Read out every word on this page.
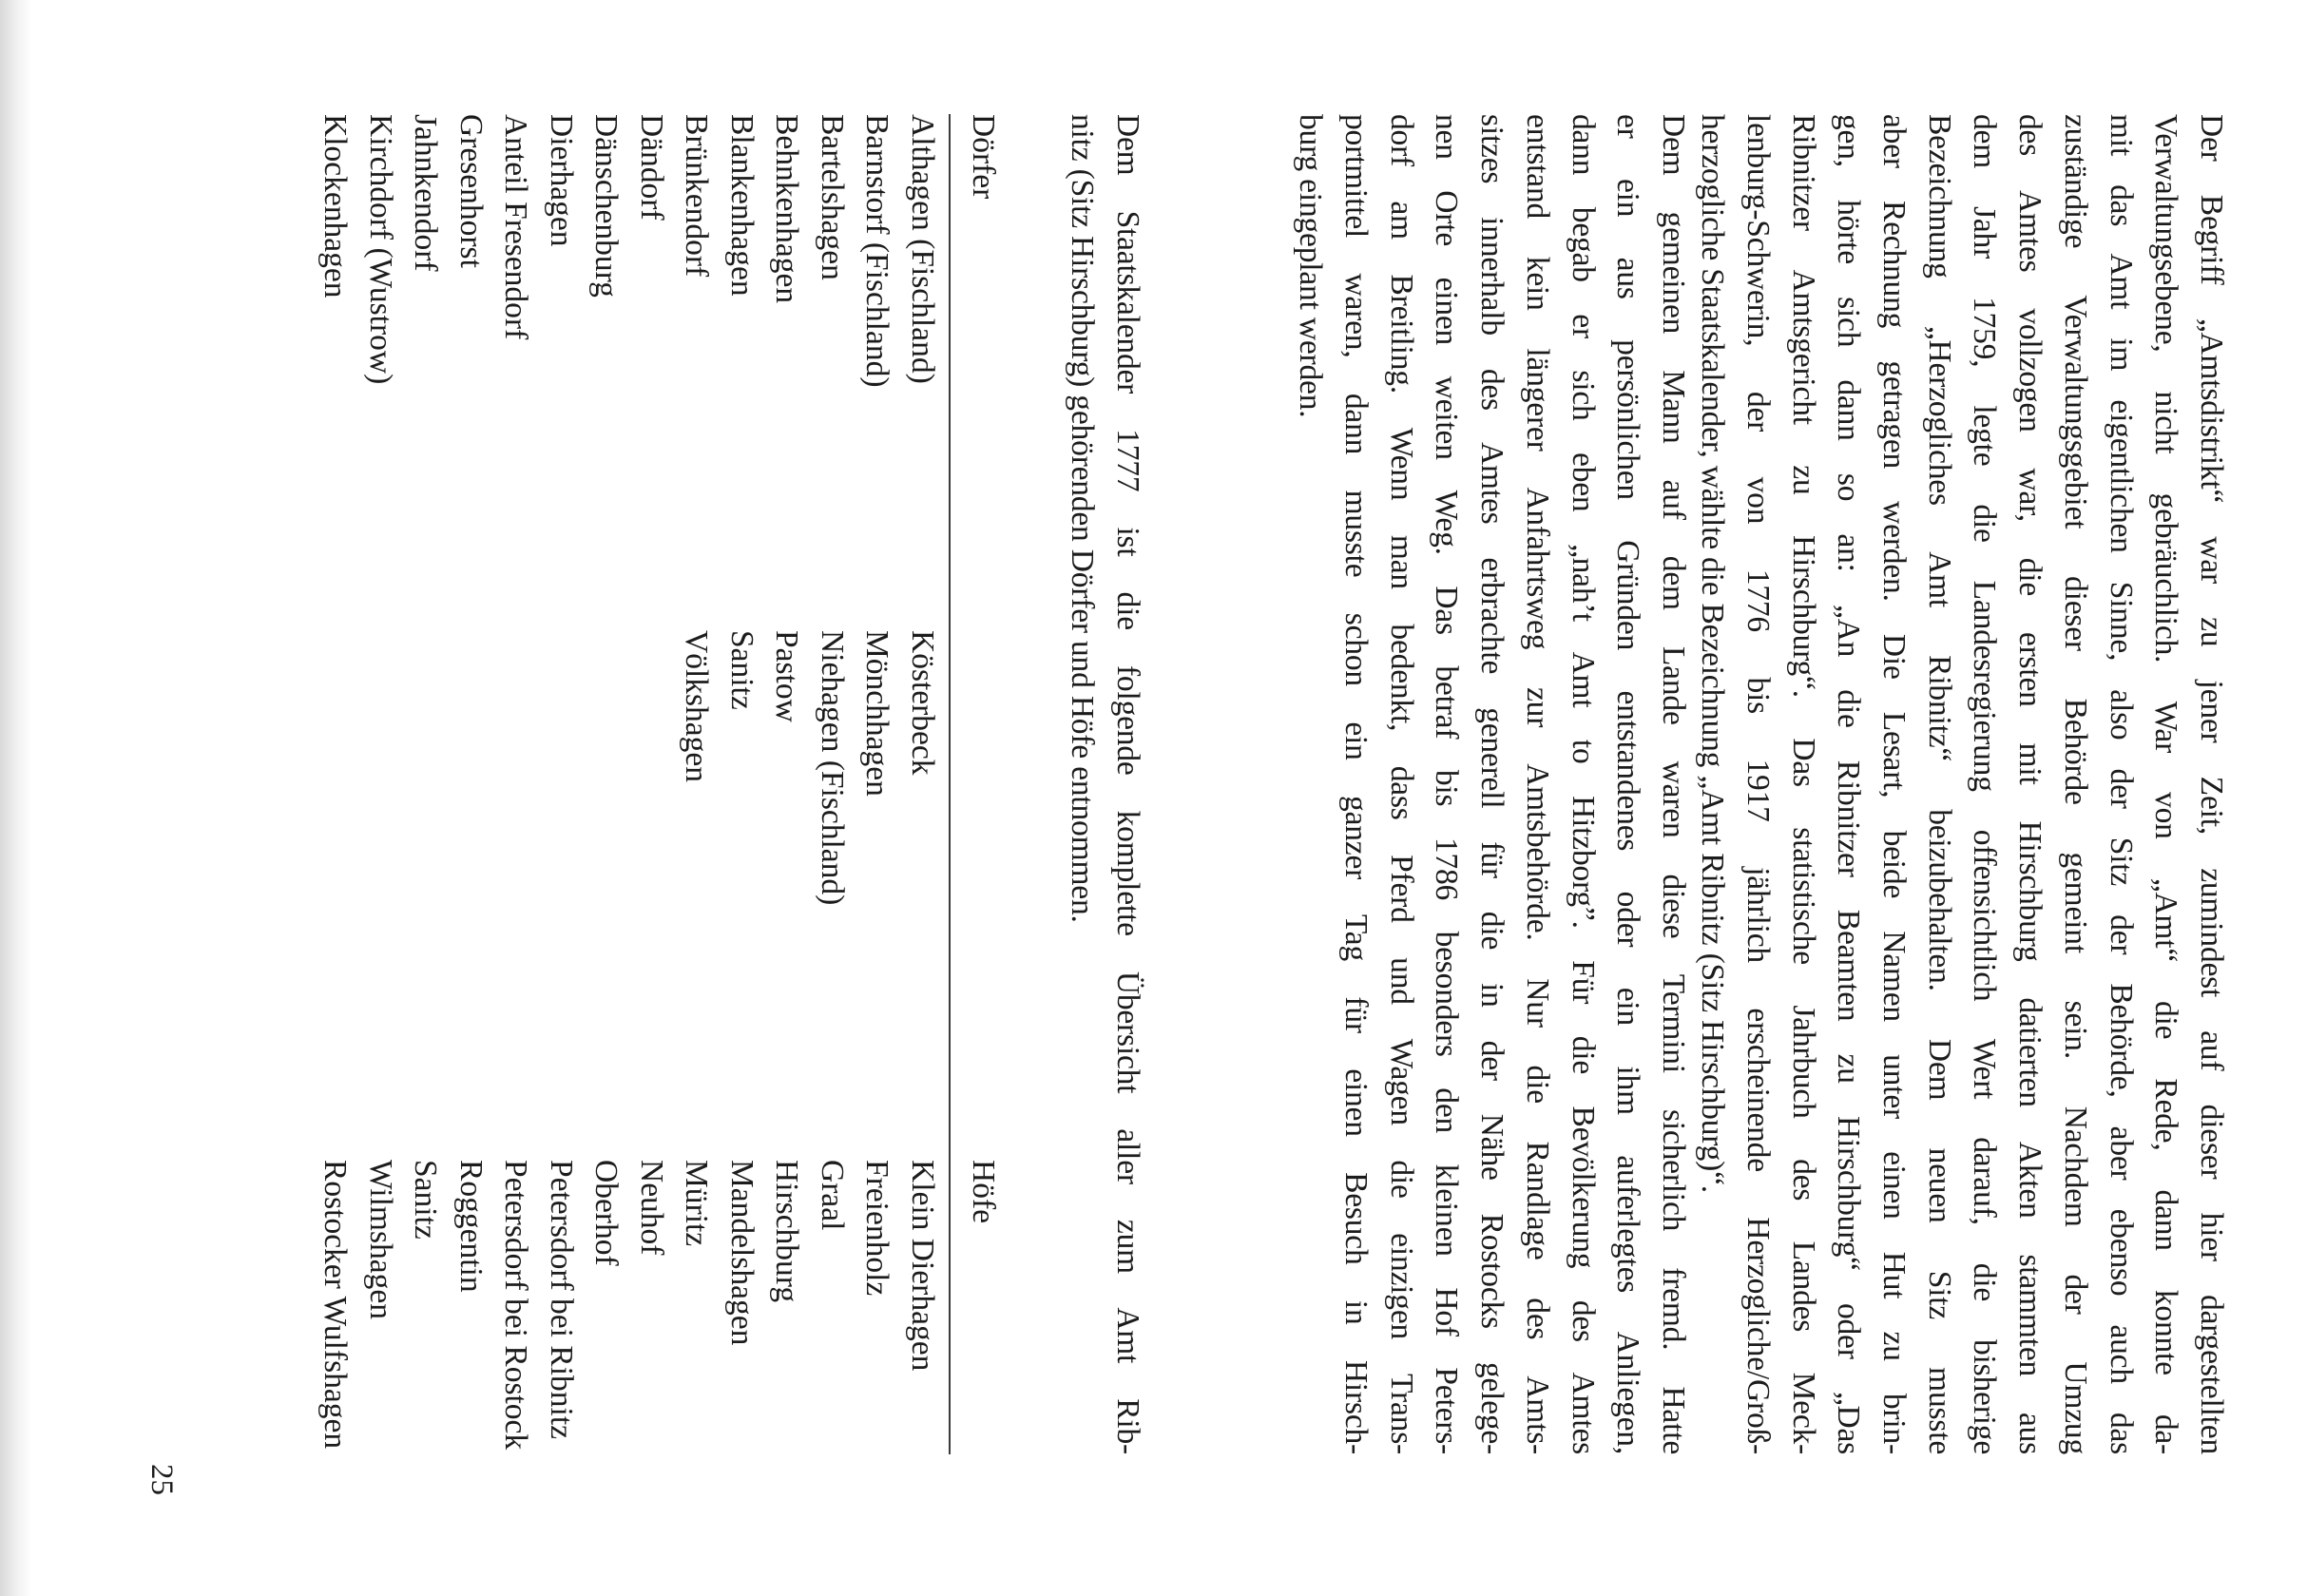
Der Begriff „Amtsdistrikt“ war zu jener Zeit, zumindest auf dieser hier dargestellten
Verwaltungsebene, nicht gebräuchlich. War von „Amt“ die Rede, dann konnte da-
mit das Amt im eigentlichen Sinne, also der Sitz der Behörde, aber ebenso auch das
zuständige Verwaltungsgebiet dieser Behörde gemeint sein. Nachdem der Umzug
des Amtes vollzogen war, die ersten mit Hirschburg datierten Akten stammten aus
dem Jahr 1759, legte die Landesregierung offensichtlich Wert darauf, die bisherige
Bezeichnung „Herzogliches Amt Ribnitz“ beizubehalten. Dem neuen Sitz musste
aber Rechnung getragen werden. Die Lesart, beide Namen unter einen Hut zu brin-
gen, hörte sich dann so an: „An die Ribnitzer Beamten zu Hirschburg“ oder „Das
Ribnitzer Amtsgericht zu Hirschburg“. Das statistische Jahrbuch des Landes Meck-
lenburg-Schwerin, der von 1776 bis 1917 jährlich erscheinende Herzogliche/Groß-
herzogliche Staatskalender, wählte die Bezeichnung „Amt Ribnitz (Sitz Hirschburg)“.

Dem gemeinen Mann auf dem Lande waren diese Termini sicherlich fremd. Hatte
er ein aus persönlichen Gründen entstandenes oder ein ihm auferlegtes Anliegen,
dann begab er sich eben „nah’t Amt to Hitzborg”. Für die Bevölkerung des Amtes
entstand kein längerer Anfahrtsweg zur Amtsbehörde. Nur die Randlage des Amts-
sitzes innerhalb des Amtes erbrachte generell für die in der Nähe Rostocks gelege-
nen Orte einen weiten Weg. Das betraf bis 1786 besonders den kleinen Hof Peters-
dorf am Breitling. Wenn man bedenkt, dass Pferd und Wagen die einzigen Trans-
portmittel waren, dann musste schon ein ganzer Tag für einen Besuch in Hirsch-
burg eingeplant werden.

Dem Staatskalender 1777 ist die folgende komplette Übersicht aller zum Amt Rib-
nitz (Sitz Hirschburg) gehörenden Dörfer und Höfe entnommen.

Dörfer
Höfe
Althagen (Fischland)
Barnstorf (Fischland)
Bartelshagen
Behnkenhagen
Blankenhagen
Brünkendorf
Dändorf
Dänschenburg
Dierhagen
Anteil Fresendorf
Gresenhorst
Jahnkendorf
Kirchdorf (Wustrow)
Klockenhagen
Kösterbeck
Mönchhagen
Niehagen (Fischland)
Pastow
Sanitz
Völkshagen
Klein Dierhagen
Freienholz
Graal
Hirschburg
Mandelshagen
Müritz
Neuhof
Oberhof
Petersdorf bei Ribnitz
Petersdorf bei Rostock
Roggentin
Sanitz
Wilmshagen
Rostocker Wulfshagen
25
